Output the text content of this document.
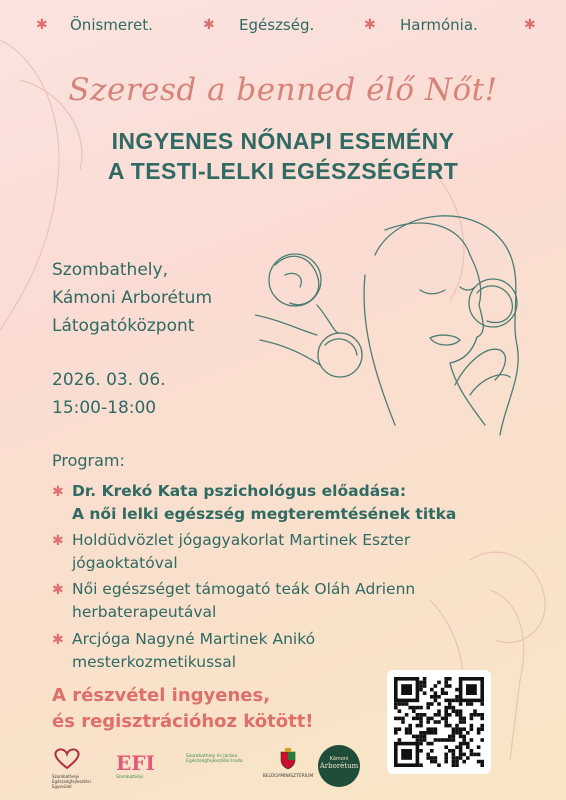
✱ Önismeret.	✱ Egészség.	✱ Harmónia.	✱
Szeresd a benned élő Nőt!
INGYENES NŐNAPI ESEMÉNY
A TESTI-LELKI EGÉSZSÉGÉRT
Szombathely,
Kámoni Arborétum
Látogatóközpont
2026. 03. 06.
15:00-18:00
Program:
✱ Dr. Krekó Kata pszichológus előadása:
A női lelki egészség megteremtésének titka
✱ Holdüdvözlet jógagyakorlat Martinek Eszter
jógaoktatóval
✱ Női egészséget támogató teák Oláh Adrienn
herbaterapeutával
✱ Arcjóga Nagyné Martinek Anikó
mesterkozmetikussal
A részvétel ingyenes,
és regisztrációhoz kötött!
Szombathelyi Egészségfejlesztési Egyesület
EFI
Szombathelyi
Szombathely és Járása Egészségfejlesztési Iroda
BELÜGYMINISZTÉRIUM
Kámoni
Arborétum
